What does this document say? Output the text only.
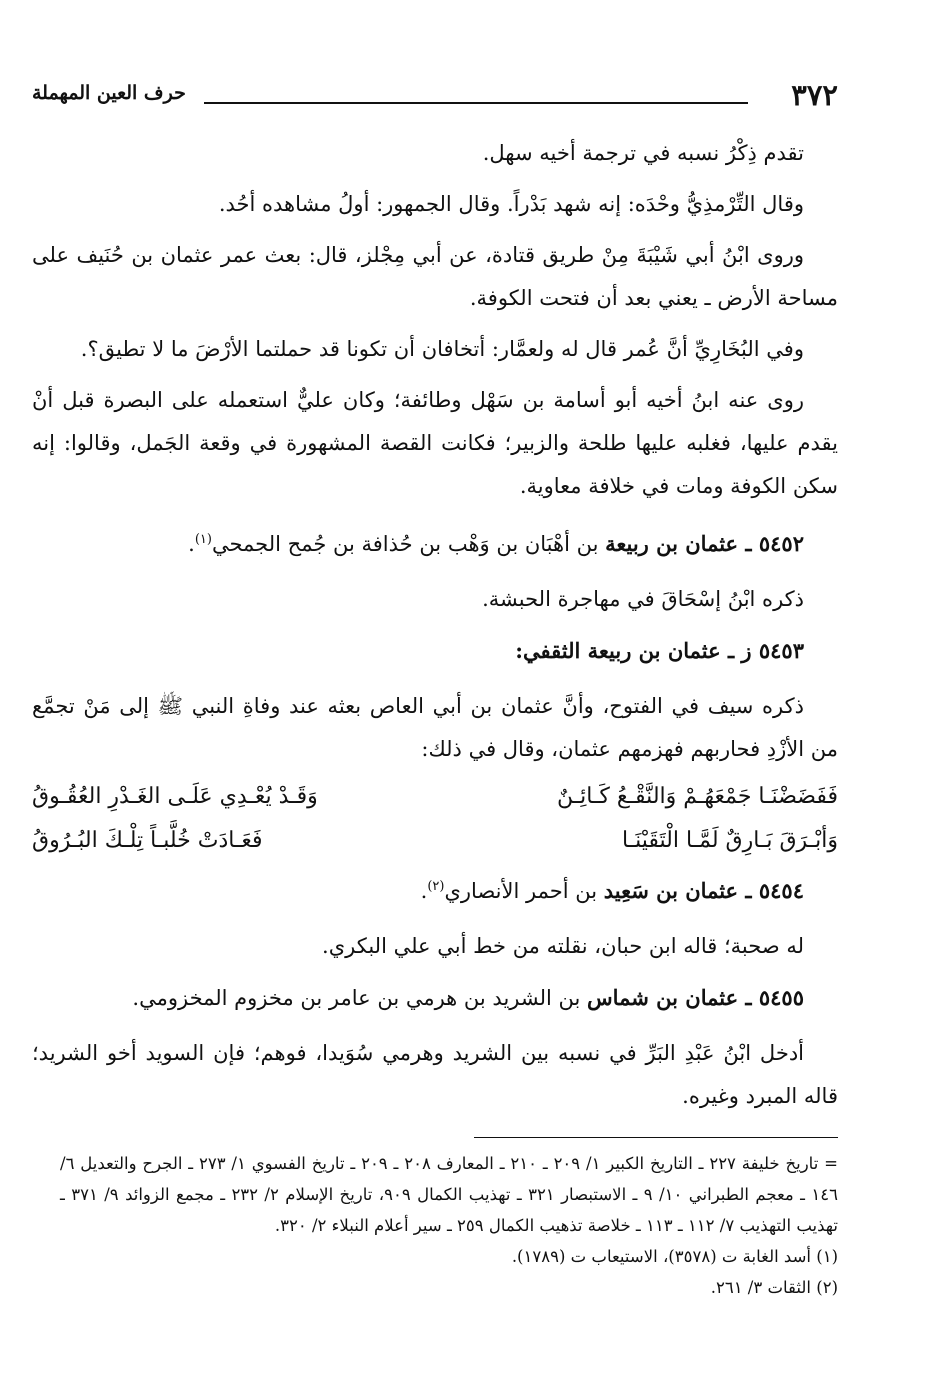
٣٧٢
حرف العين المهملة

تقدم ذِكْرُ نسبه في ترجمة أخيه سهل.

وقال التِّرْمذِيُّ وحْدَه: إنه شهد بَدْراً. وقال الجمهور: أولُ مشاهده أحُد.

وروى ابْنُ أبي شَيْبَةَ مِنْ طريق قتادة، عن أبي مِجْلز، قال: بعث عمر عثمان بن حُنَيف على مساحة الأرض ـ يعني بعد أن فتحت الكوفة.

وفي البُخَارِيِّ أنَّ عُمر قال له ولعمَّار: أتخافان أن تكونا قد حملتما الأرْضَ ما لا تطيق؟.

روى عنه ابنُ أخيه أبو أسامة بن سَهْل وطائفة؛ وكان عليٌّ استعمله على البصرة قبل أنْ يقدم عليها، فغلبه عليها طلحة والزبير؛ فكانت القصة المشهورة في وقعة الجَمل، وقالوا: إنه سكن الكوفة ومات في خلافة معاوية.

٥٤٥٢ ـ عثمان بن ربيعة بن أهْبَان بن وَهْب بن حُذافة بن جُمح الجمحي$^{(١)}$.

ذكره ابْنُ إسْحَاقَ في مهاجرة الحبشة.

٥٤٥٣ ز ـ عثمان بن ربيعة الثقفي:

ذكره سيف في الفتوح، وأنَّ عثمان بن أبي العاص بعثه عند وفاةِ النبي ﷺ إلى مَنْ تجمَّع من الأزْدِ فحاربهم فهزمهم عثمان، وقال في ذلك:

فَفَضَضْنَـا جَمْعَهُـمْ وَالنَّقْـعُ كَـائِـنٌ
وَقَـدْ يُعْـدِي عَلَـى الغَـدْرِ العُقُـوقُ
وَأبْـرَقَ بَـارِقٌ لَمَّـا الْتَقَيْنَـا
فَعَـادَتْ خُلَّبـاً تِلْـكَ البُـرُوقُ

٥٤٥٤ ـ عثمان بن سَعِيد بن أحمر الأنصاري$^{(٢)}$.

له صحبة؛ قاله ابن حبان، نقلته من خط أبي علي البكري.

٥٤٥٥ ـ عثمان بن شماس بن الشريد بن هرمي بن عامر بن مخزوم المخزومي.

أدخل ابْنُ عَبْدِ البَرِّ في نسبه بين الشريد وهرمي سُوَيدا، فوهم؛ فإن السويد أخو الشريد؛ قاله المبرد وغيره.

= تاريخ خليفة ٢٢٧ ـ التاريخ الكبير ١/ ٢٠٩ ـ ٢١٠ ـ المعارف ٢٠٨ ـ ٢٠٩ ـ تاريخ الفسوي ١/ ٢٧٣ ـ الجرح والتعديل ٦/ ١٤٦ ـ معجم الطبراني ١٠/ ٩ ـ الاستبصار ٣٢١ ـ تهذيب الكمال ٩٠٩، تاريخ الإسلام ٢/ ٢٣٢ ـ مجمع الزوائد ٩/ ٣٧١ ـ تهذيب التهذيب ٧/ ١١٢ ـ ١١٣ ـ خلاصة تذهيب الكمال ٢٥٩ ـ سير أعلام النبلاء ٢/ ٣٢٠.

(١) أسد الغابة ت (٣٥٧٨)، الاستيعاب ت (١٧٨٩).

(٢) الثقات ٣/ ٢٦١.
